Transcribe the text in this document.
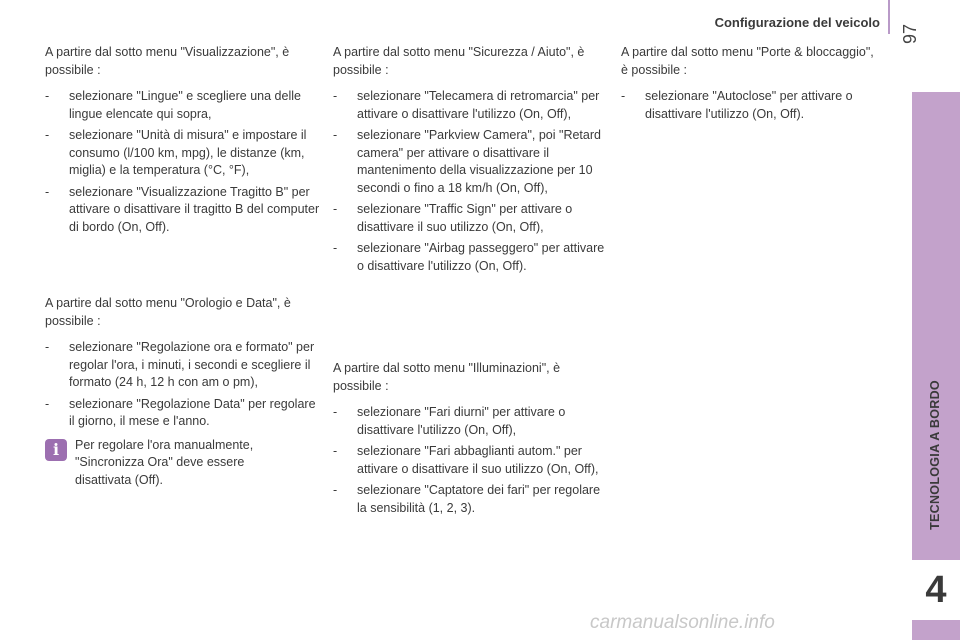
Configurazione del veicolo
97
TECNOLOGIA A BORDO
4

A partire dal sotto menu "Visualizzazione", è possibile :

- selezionare "Lingue" e scegliere una delle lingue elencate qui sopra,
- selezionare "Unità di misura" e impostare il consumo (l/100 km, mpg), le distanze (km, miglia) e la temperatura (°C, °F),
- selezionare "Visualizzazione Tragitto B" per attivare o disattivare il tragitto B del computer di bordo (On, Off).

A partire dal sotto menu "Orologio e Data", è possibile :

- selezionare "Regolazione ora e formato" per regolar l'ora, i minuti, i secondi e scegliere il formato (24 h, 12 h con am o pm),
- selezionare "Regolazione Data" per regolare il giorno, il mese e l'anno.
i	Per regolare l'ora manualmente, "Sincronizza Ora" deve essere disattivata (Off).

A partire dal sotto menu "Sicurezza / Aiuto", è possibile :

- selezionare "Telecamera di retromarcia" per attivare o disattivare l'utilizzo (On, Off),
- selezionare "Parkview Camera", poi "Retard camera" per attivare o disattivare il mantenimento della visualizzazione per 10 secondi o fino a 18 km/h (On, Off),
- selezionare "Traffic Sign" per attivare o disattivare il suo utilizzo (On, Off),
- selezionare "Airbag passeggero" per attivare o disattivare l'utilizzo (On, Off).

A partire dal sotto menu "Illuminazioni", è possibile :

- selezionare "Fari diurni" per attivare o disattivare l'utilizzo (On, Off),
- selezionare "Fari abbaglianti autom." per attivare o disattivare il suo utilizzo (On, Off),
- selezionare "Captatore dei fari" per regolare la sensibilità (1, 2, 3).

A partire dal sotto menu "Porte & bloccaggio", è possibile :

- selezionare "Autoclose" per attivare o disattivare l'utilizzo (On, Off).
carmanualsonline.info
